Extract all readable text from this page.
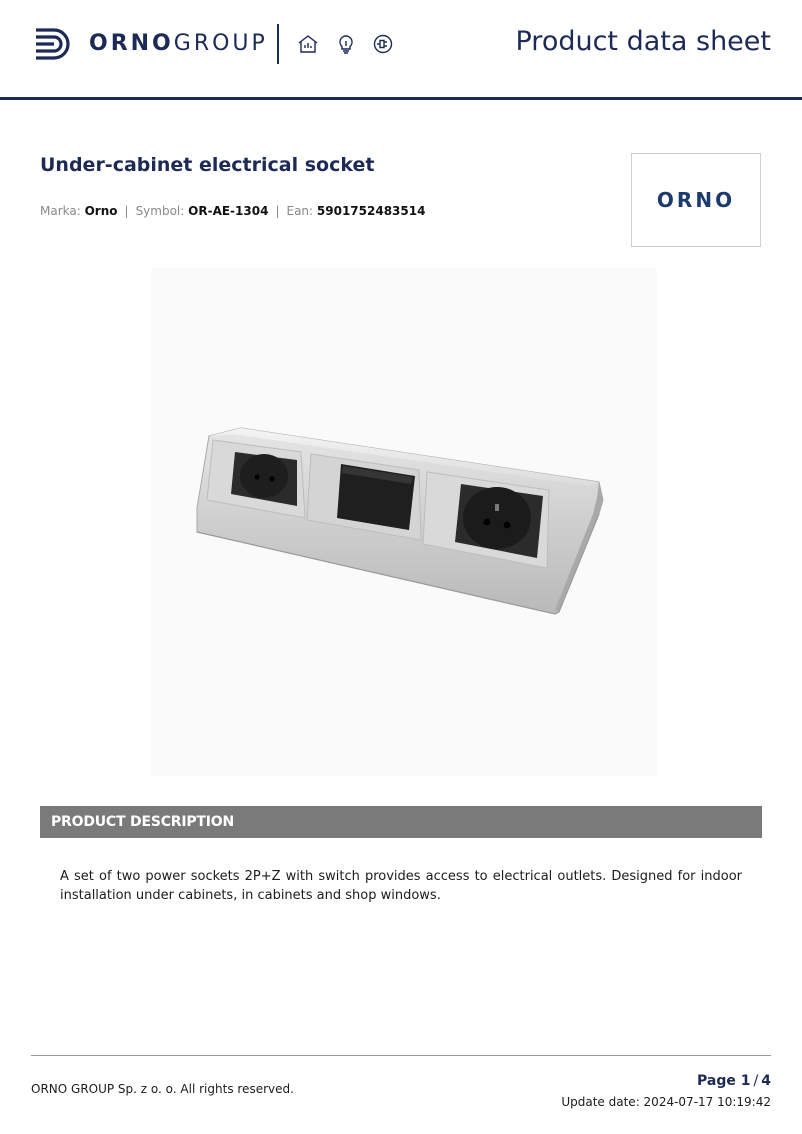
ORNOGROUP	Product data sheet
Under-cabinet electrical socket
Marka: Orno | Symbol: OR-AE-1304 | Ean: 5901752483514	ORNO
PRODUCT DESCRIPTION
A set of two power sockets 2P+Z with switch provides access to electrical outlets. Designed for indoor installation under cabinets, in cabinets and shop windows.
ORNO GROUP Sp. z o. o. All rights reserved.	Page 1 / 4
Update date: 2024-07-17 10:19:42
